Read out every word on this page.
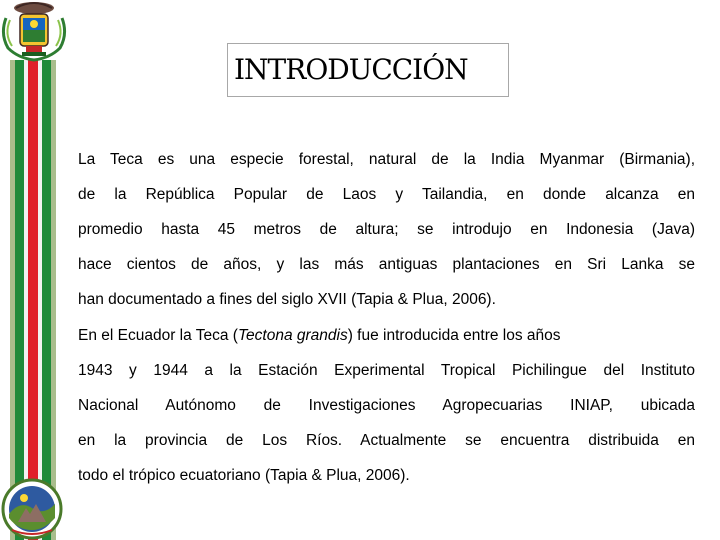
INTRODUCCIÓN
La Teca es una especie forestal, natural de la India Myanmar (Birmania),
de la República Popular de Laos y Tailandia, en donde alcanza en
promedio hasta 45 metros de altura; se introdujo en Indonesia (Java)
hace cientos de años, y las más antiguas plantaciones en Sri Lanka se
han documentado a fines del siglo XVII (Tapia & Plua, 2006).
En el Ecuador la Teca (Tectona grandis) fue introducida entre los años
1943 y 1944 a la Estación Experimental Tropical Pichilingue del Instituto
Nacional Autónomo de Investigaciones Agropecuarias INIAP, ubicada
en la provincia de Los Ríos. Actualmente se encuentra distribuida en
todo el trópico ecuatoriano (Tapia & Plua, 2006).
